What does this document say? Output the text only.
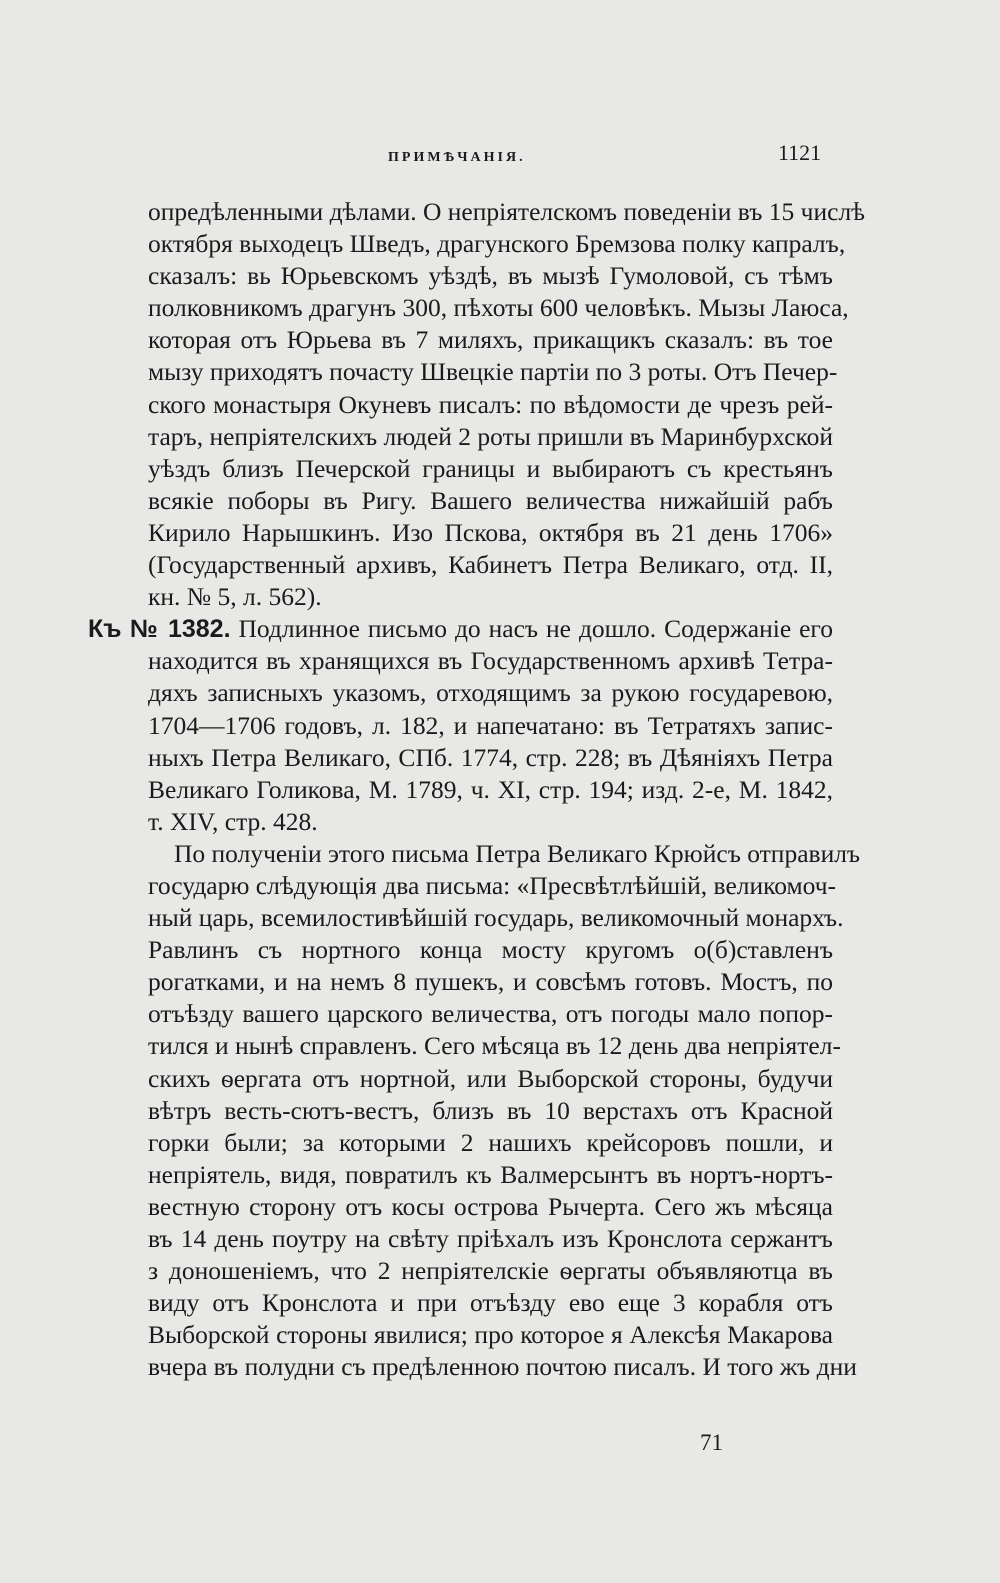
ПРИМѢЧАНІЯ.	1121
опредѣленными дѣлами. О непріятелскомъ поведеніи въ 15 числѣ
октября выходецъ Шведъ, драгунского Бремзова полку капралъ,
сказалъ: вь Юрьевскомъ уѣздѣ, въ мызѣ Гумоловой, съ тѣмъ
полковникомъ драгунъ 300, пѣхоты 600 человѣкъ. Мызы Лаюса,
которая отъ Юрьева въ 7 миляхъ, прикащикъ сказалъ: въ тое
мызу приходятъ почасту Швецкіе партіи по 3 роты. Отъ Печер-
ского монастыря Окуневъ писалъ: по вѣдомости де чрезъ рей-
таръ, непріятелскихъ людей 2 роты пришли въ Маринбурхской
уѣздъ близъ Печерской границы и выбираютъ съ крестьянъ
всякіе поборы въ Ригу. Вашего величества нижайшій рабъ
Кирило Нарышкинъ. Изо Пскова, октября въ 21 день 1706»
(Государственный архивъ, Кабинетъ Петра Великаго, отд. II,
кн. № 5, л. 562).
Къ № 1382. Подлинное письмо до насъ не дошло. Содержаніе его
находится въ хранящихся въ Государственномъ архивѣ Тетра-
дяхъ записныхъ указомъ, отходящимъ за рукою государевою,
1704—1706 годовъ, л. 182, и напечатано: въ Тетратяхъ запис-
ныхъ Петра Великаго, СПб. 1774, стр. 228; въ Дѣяніяхъ Петра
Великаго Голикова, М. 1789, ч. XI, стр. 194; изд. 2-е, М. 1842,
т. XIV, стр. 428.
По полученіи этого письма Петра Великаго Крюйсъ отправилъ
государю слѣдующія два письма: «Пресвѣтлѣйшій, великомоч-
ный царь, всемилостивѣйшій государь, великомочный монархъ.
Равлинъ съ нортного конца мосту кругомъ о(б)ставленъ
рогатками, и на немъ 8 пушекъ, и совсѣмъ готовъ. Мостъ, по
отъѣзду вашего царского величества, отъ погоды мало попор-
тился и нынѣ справленъ. Сего мѣсяца въ 12 день два непріятел-
скихъ ѳергата отъ нортной, или Выборской стороны, будучи
вѣтръ весть-сютъ-вестъ, близъ въ 10 верстахъ отъ Красной
горки были; за которыми 2 нашихъ крейсоровъ пошли, и
непріятель, видя, повратилъ къ Валмерсынтъ въ нортъ-нортъ-
вестную сторону отъ косы острова Рычерта. Сего жъ мѣсяца
въ 14 день поутру на свѣту пріѣхалъ изъ Кронслота сержантъ
з доношеніемъ, что 2 непріятелскіе ѳергаты объявляютца въ
виду отъ Кронслота и при отъѣзду ево еще 3 корабля отъ
Выборской стороны явилися; про которое я Алексѣя Макарова
вчера въ полудни съ предѣленною почтою писалъ. И того жъ дни
71
